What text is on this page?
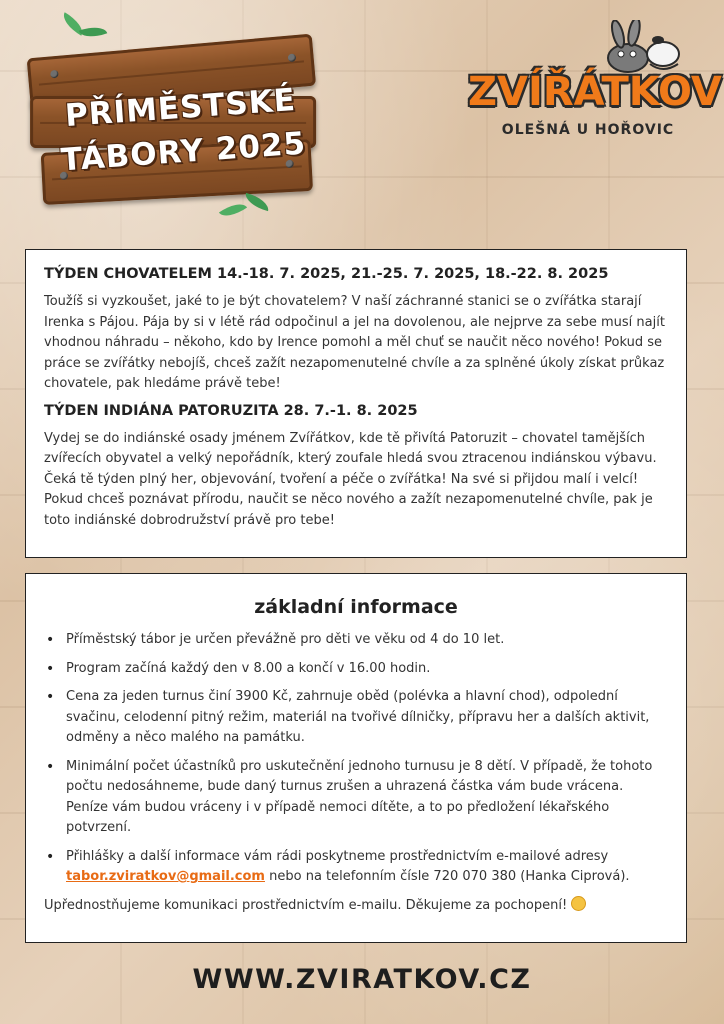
PŘÍMĚSTSKÉ
TÁBORY 2025
ZVÍŘÁTKOV
OLEŠNÁ U HOŘOVIC
TÝDEN CHOVATELEM 14.-18. 7. 2025, 21.-25. 7. 2025, 18.-22. 8. 2025

Toužíš si vyzkoušet, jaké to je být chovatelem? V naší záchranné stanici se o zvířátka starají Irenka s Pájou. Pája by si v létě rád odpočinul a jel na dovolenou, ale nejprve za sebe musí najít vhodnou náhradu – někoho, kdo by Irence pomohl a měl chuť se naučit něco nového! Pokud se práce se zvířátky nebojíš, chceš zažít nezapomenutelné chvíle a za splněné úkoly získat průkaz chovatele, pak hledáme právě tebe!

TÝDEN INDIÁNA PATORUZITA 28. 7.-1. 8. 2025

Vydej se do indiánské osady jménem Zvířátkov, kde tě přivítá Patoruzit – chovatel tamějších zvířecích obyvatel a velký nepořádník, který zoufale hledá svou ztracenou indiánskou výbavu. Čeká tě týden plný her, objevování, tvoření a péče o zvířátka! Na své si přijdou malí i velcí! Pokud chceš poznávat přírodu, naučit se něco nového a zažít nezapomenutelné chvíle, pak je toto indiánské dobrodružství právě pro tebe!

základní informace
• Příměstský tábor je určen převážně pro děti ve věku od 4 do 10 let.
• Program začíná každý den v 8.00 a končí v 16.00 hodin.
• Cena za jeden turnus činí 3900 Kč, zahrnuje oběd (polévka a hlavní chod), odpolední svačinu, celodenní pitný režim, materiál na tvořivé dílničky, přípravu her a dalších aktivit, odměny a něco malého na památku.
• Minimální počet účastníků pro uskutečnění jednoho turnusu je 8 dětí. V případě, že tohoto počtu nedosáhneme, bude daný turnus zrušen a uhrazená částka vám bude vrácena. Peníze vám budou vráceny i v případě nemoci dítěte, a to po předložení lékařského potvrzení.
• Přihlášky a další informace vám rádi poskytneme prostřednictvím e-mailové adresy tabor.zviratkov@gmail.com nebo na telefonním čísle 720 070 380 (Hanka Ciprová).
Upřednostňujeme komunikaci prostřednictvím e-mailu. Děkujeme za pochopení!
WWW.ZVIRATKOV.CZ
